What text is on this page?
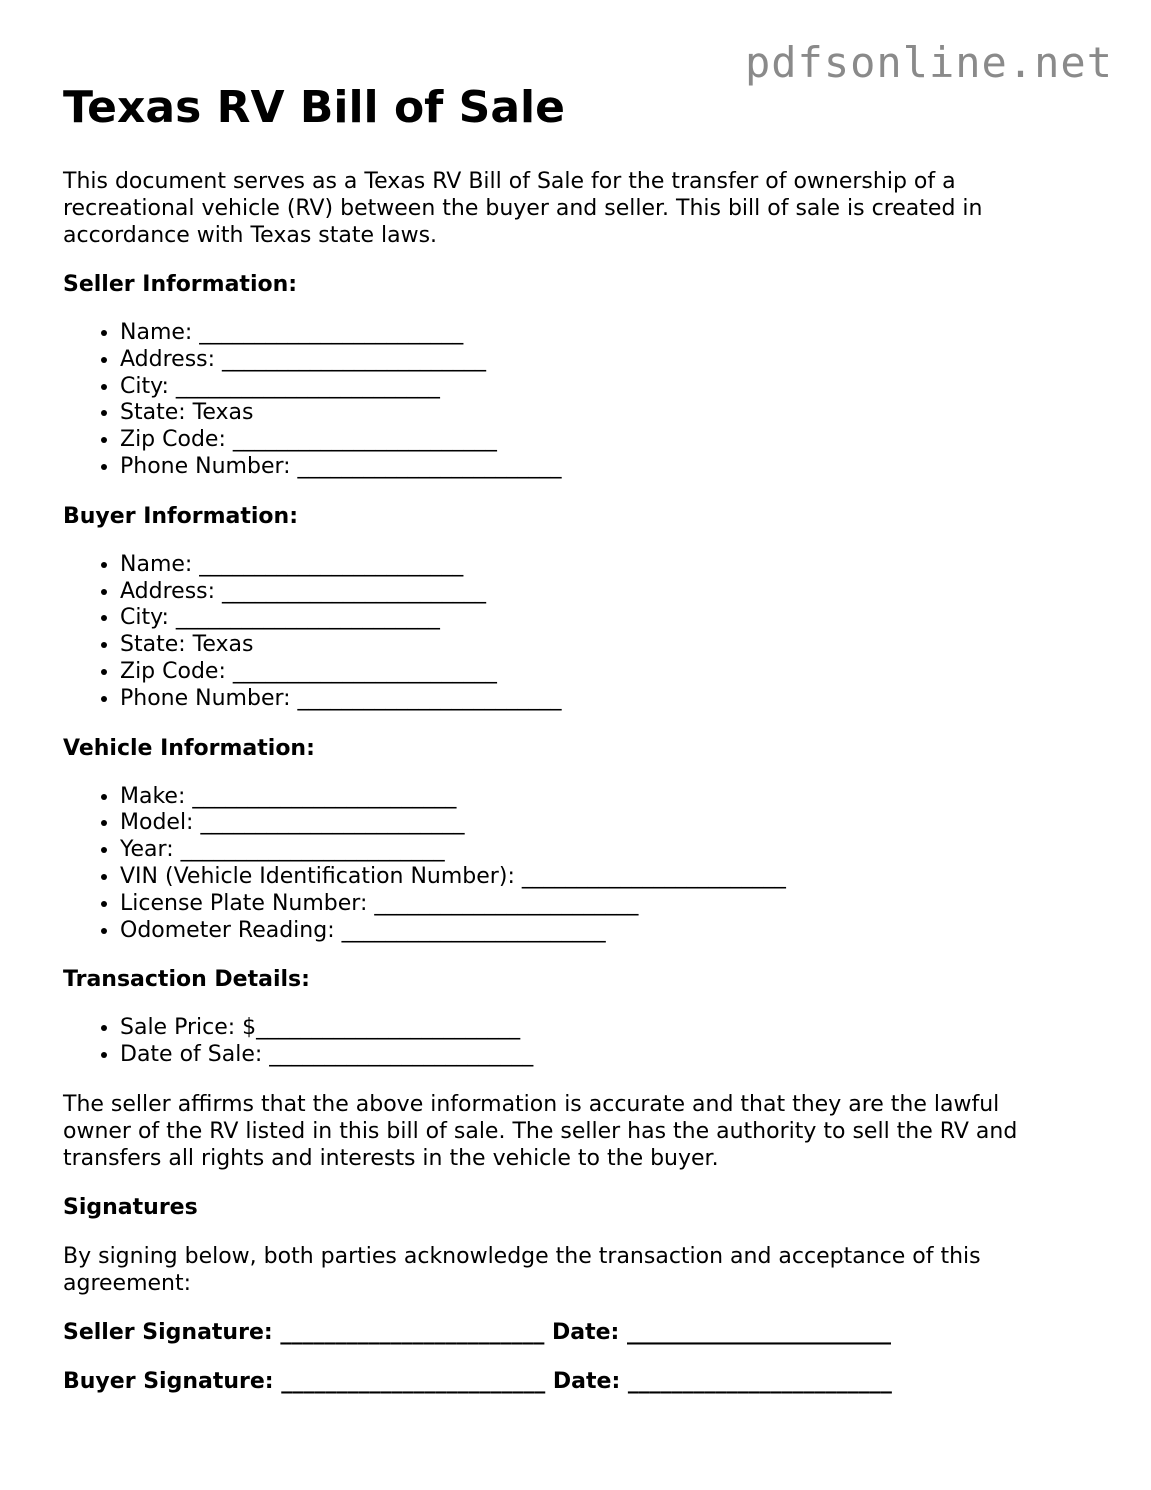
pdfsonline.net
Texas RV Bill of Sale

This document serves as a Texas RV Bill of Sale for the transfer of ownership of a recreational vehicle (RV) between the buyer and seller. This bill of sale is created in accordance with Texas state laws.

Seller Information:
• Name: ________________________
• Address: ________________________
• City: ________________________
• State: Texas
• Zip Code: ________________________
• Phone Number: ________________________
Buyer Information:
• Name: ________________________
• Address: ________________________
• City: ________________________
• State: Texas
• Zip Code: ________________________
• Phone Number: ________________________
Vehicle Information:
• Make: ________________________
• Model: ________________________
• Year: ________________________
• VIN (Vehicle Identification Number): ________________________
• License Plate Number: ________________________
• Odometer Reading: ________________________
Transaction Details:
• Sale Price: $________________________
• Date of Sale: ________________________

The seller affirms that the above information is accurate and that they are the lawful owner of the RV listed in this bill of sale. The seller has the authority to sell the RV and transfers all rights and interests in the vehicle to the buyer.

Signatures

By signing below, both parties acknowledge the transaction and acceptance of this agreement:

Seller Signature: ________________________ Date: ________________________
Buyer Signature: ________________________ Date: ________________________
